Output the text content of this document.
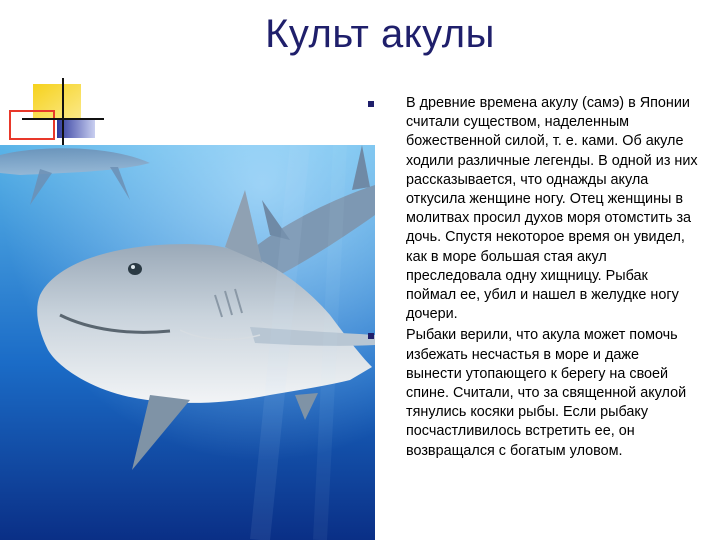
Культ акулы
В древние времена акулу (самэ) в Японии считали существом, наделенным божественной силой, т. е. ками. Об акуле ходили различные легенды. В одной из них рассказывается, что однажды акула откусила женщине ногу. Отец женщины в молитвах просил духов моря отомстить за дочь. Спустя некоторое время он увидел, как в море большая стая акул преследовала одну хищницу. Рыбак поймал ее, убил и нашел в желудке ногу дочери.
Рыбаки верили, что акула может помочь избежать несчастья в море и даже вынести утопающего к берегу на своей спине. Считали, что за священной акулой тянулись косяки рыбы. Если рыбаку посчастливилось встретить ее, он возвращался с богатым уловом.
